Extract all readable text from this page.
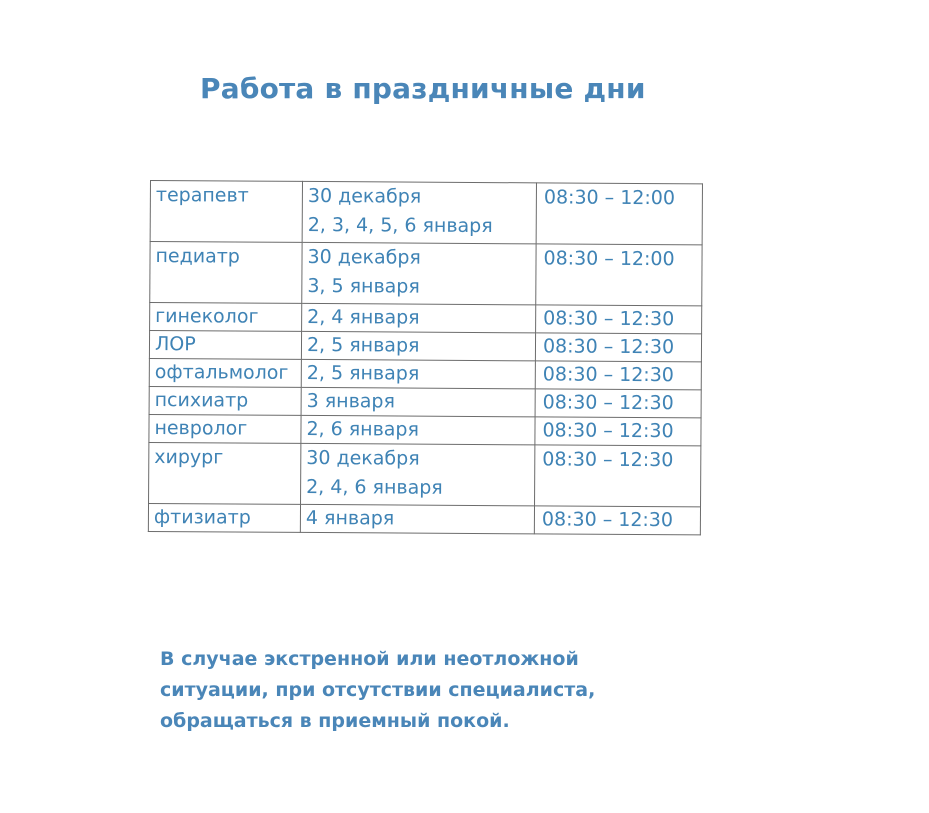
Работа в праздничные дни
терапевт	30 декабря
2, 3, 4, 5, 6 января	08:30 – 12:00

педиатр	30 декабря
3, 5 января	08:30 – 12:00
гинеколог	2, 4 января	08:30 – 12:30
ЛОР	2, 5 января	08:30 – 12:30
офтальмолог	2, 5 января	08:30 – 12:30
психиатр	3 января	08:30 – 12:30
невролог	2, 6 января	08:30 – 12:30

хирург	30 декабря
2, 4, 6 января	08:30 – 12:30
фтизиатр	4 января	08:30 – 12:30
В случае экстренной или неотложной
ситуации, при отсутствии специалиста,
обращаться в приемный покой.
